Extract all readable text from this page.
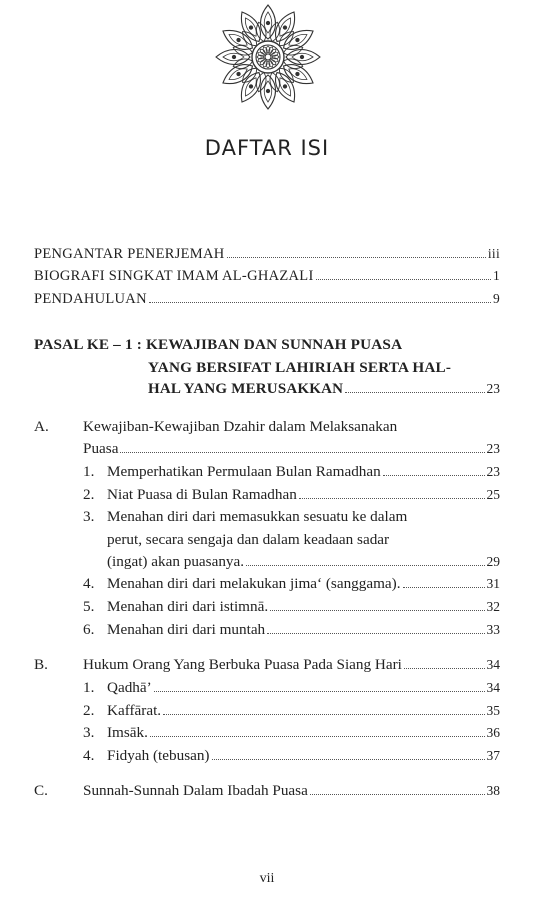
DAFTAR ISI
PENGANTAR PENERJEMAH	iii
BIOGRAFI SINGKAT IMAM AL-GHAZALI	1
PENDAHULUAN	9
PASAL KE – 1 : KEWAJIBAN DAN SUNNAH PUASA
YANG BERSIFAT LAHIRIAH SERTA HAL-
HAL YANG MERUSAKKAN	23
A. Kewajiban-Kewajiban Dzahir dalam Melaksanakan
Puasa	23
1. Memperhatikan Permulaan Bulan Ramadhan	23
2. Niat Puasa di Bulan Ramadhan	25
3. Menahan diri dari memasukkan sesuatu ke dalam
perut, secara sengaja dan dalam keadaan sadar
(ingat) akan puasanya.	29
4. Menahan diri dari melakukan jima‘ (sanggama).	31
5. Menahan diri dari istimnā.	32
6. Menahan diri dari muntah	33
B. Hukum Orang Yang Berbuka Puasa Pada Siang Hari	34
1. Qadhā’	34
2. Kaffārat.	35
3. Imsāk.	36
4. Fidyah (tebusan)	37
C. Sunnah-Sunnah Dalam Ibadah Puasa	38
vii
